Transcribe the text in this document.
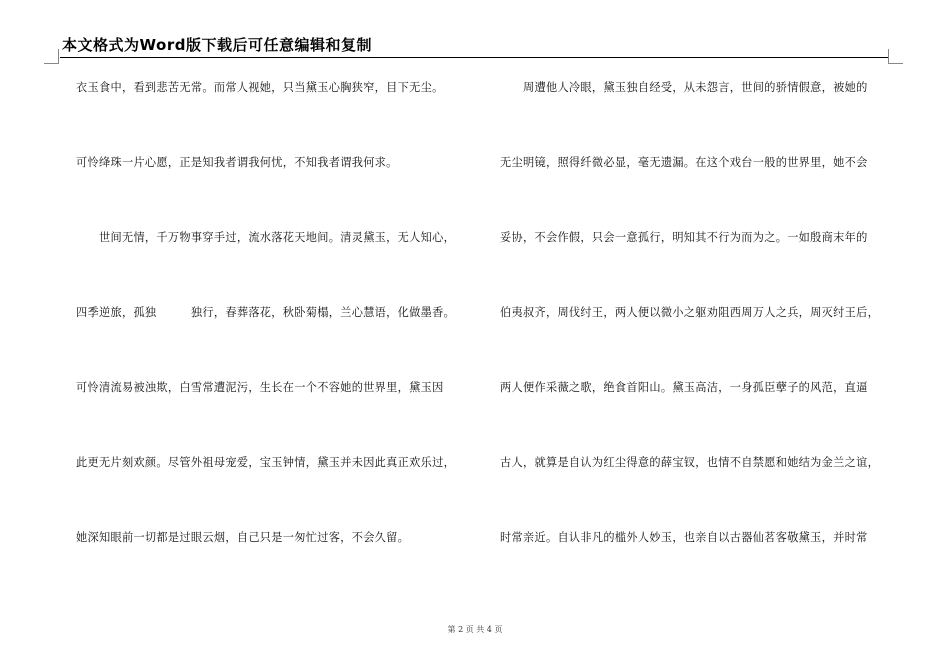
本文格式为Word版下载后可任意编辑和复制
衣玉食中，看到悲苦无常。而常人视她，只当黛玉心胸狭窄，目下无尘。
可怜绛珠一片心愿，正是知我者谓我何忧，不知我者谓我何求。
　　世间无情，千万物事穿手过，流水落花天地间。清灵黛玉，无人知心，
四季逆旅，孤独　　　独行，春葬落花，秋卧菊榻，兰心慧语，化做墨香。
可怜清流易被浊欺，白雪常遭泥污，生长在一个不容她的世界里，黛玉因
此更无片刻欢颜。尽管外祖母宠爱，宝玉钟情，黛玉并未因此真正欢乐过，
她深知眼前一切都是过眼云烟，自己只是一匆忙过客，不会久留。
　　周遭他人冷眼，黛玉独自经受，从未怨言，世间的骄情假意，被她的
无尘明镜，照得纤微必显，毫无遗漏。在这个戏台一般的世界里，她不会
妥协，不会作假，只会一意孤行，明知其不行为而为之。一如殷商末年的
伯夷叔齐，周伐纣王，两人便以微小之躯劝阻西周万人之兵，周灭纣王后，
两人便作采薇之歌，绝食首阳山。黛玉高洁，一身孤臣孽子的风范，直逼
古人，就算是自认为红尘得意的薛宝钗，也情不自禁愿和她结为金兰之谊，
时常亲近。自认非凡的槛外人妙玉，也亲自以古器仙茗客敬黛玉，并时常
第 2 页 共 4 页
